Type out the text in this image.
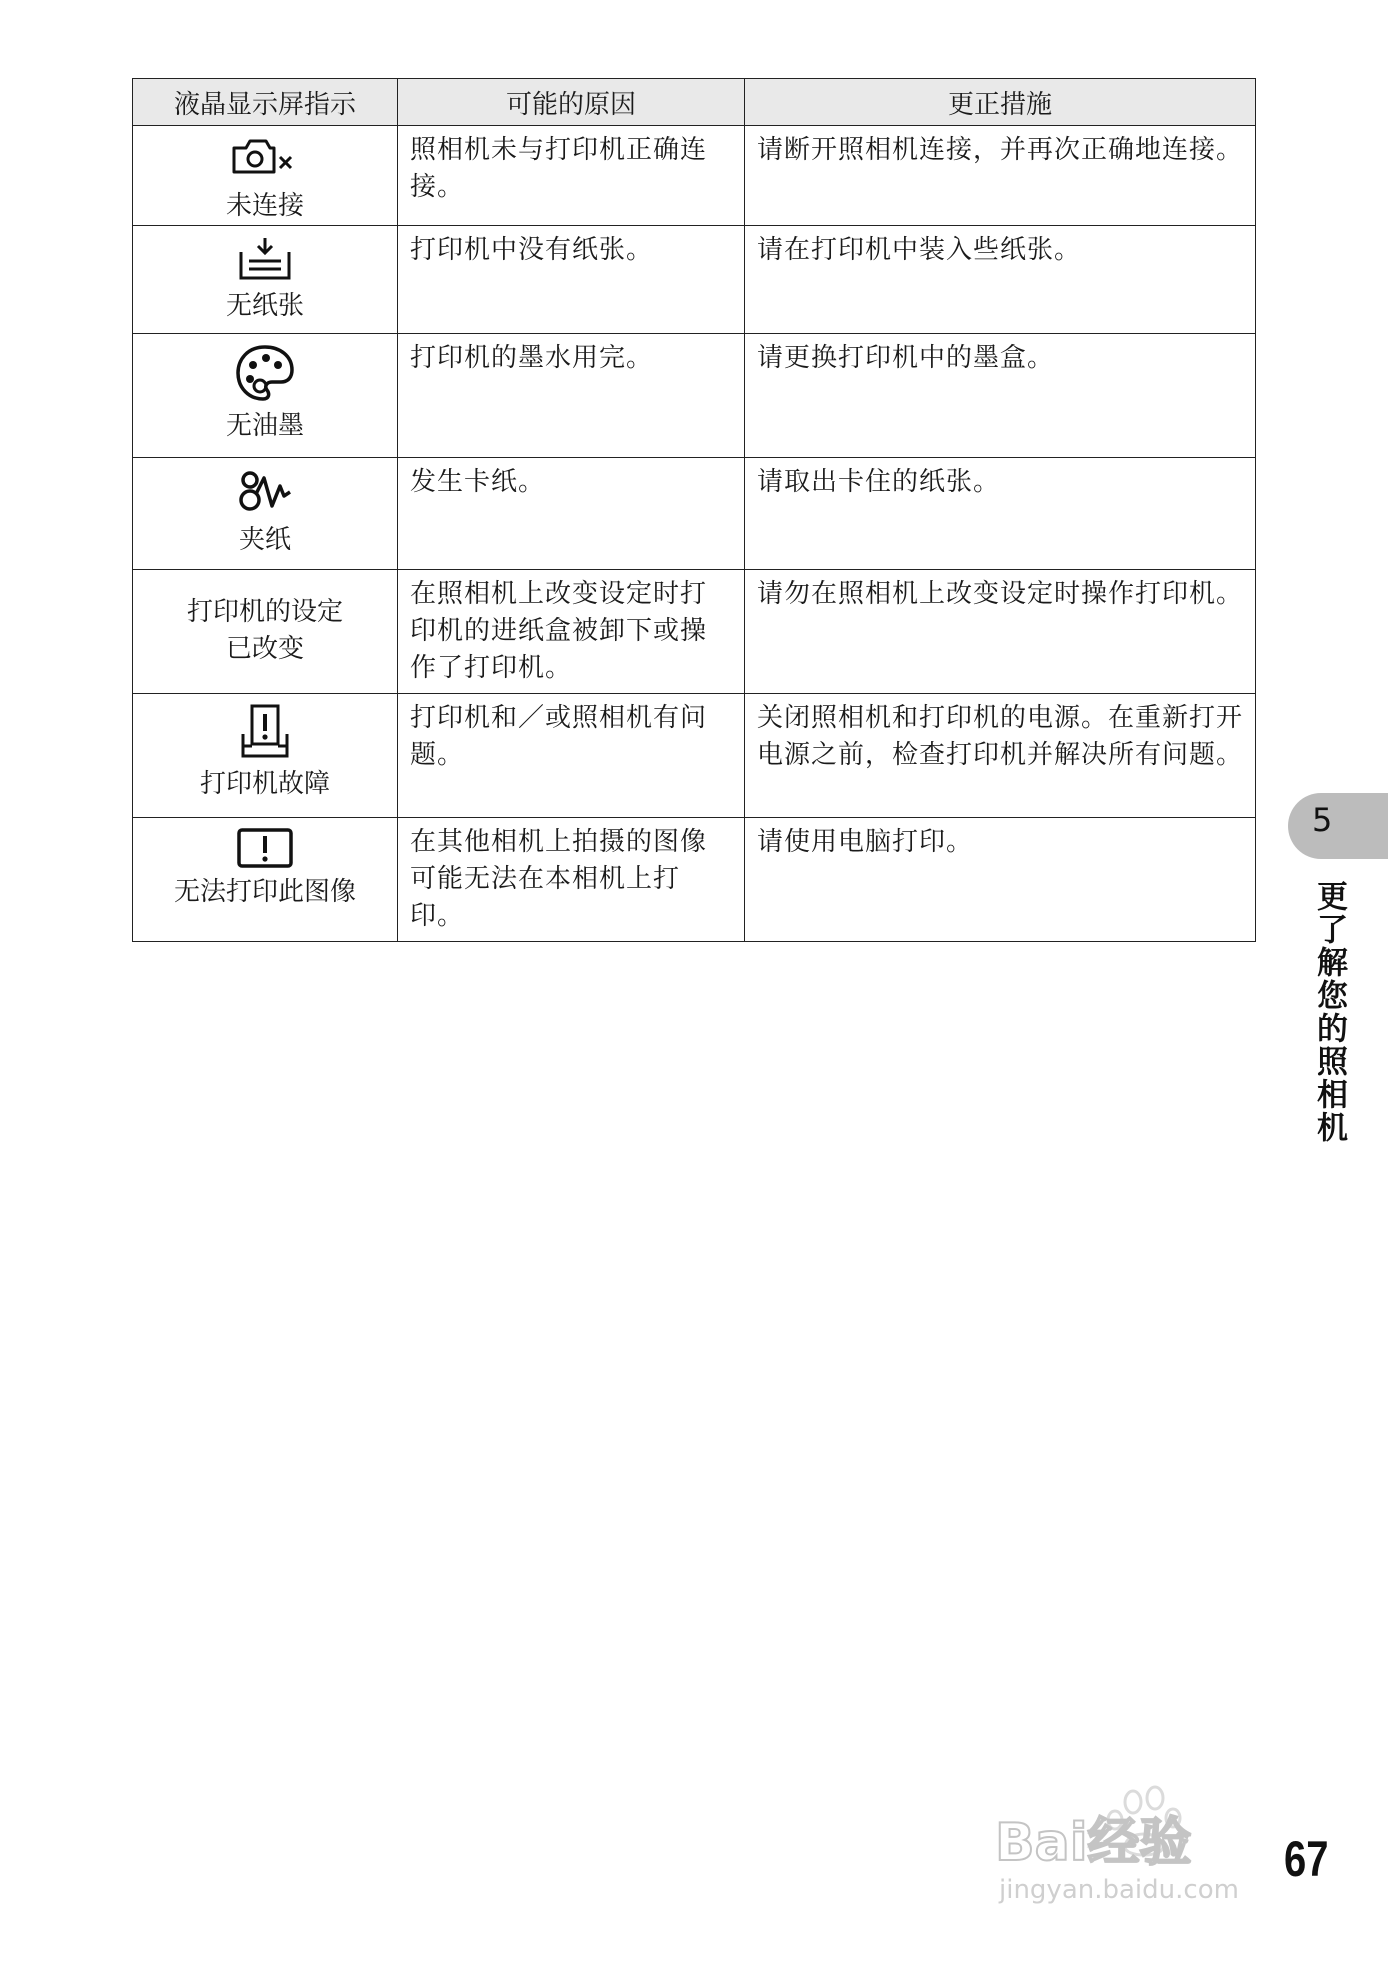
液晶显示屏指示	可能的原因	更正措施

未连接	照相机未与打印机正确连接。	请断开照相机连接，并再次正确地连接。

无纸张	打印机中没有纸张。	请在打印机中装入些纸张。

无油墨	打印机的墨水用完。	请更换打印机中的墨盒。

夹纸	发生卡纸。	请取出卡住的纸张。

打印机的设定已改变	在照相机上改变设定时打印机的进纸盒被卸下或操作了打印机。	请勿在照相机上改变设定时操作打印机。

打印机故障	打印机和／或照相机有问题。	关闭照相机和打印机的电源。在重新打开电源之前，检查打印机并解决所有问题。

无法打印此图像	在其他相机上拍摄的图像可能无法在本相机上打印。	请使用电脑打印。
5
更了解您的照相机
Bai经验
jingyan.baidu.com
67
